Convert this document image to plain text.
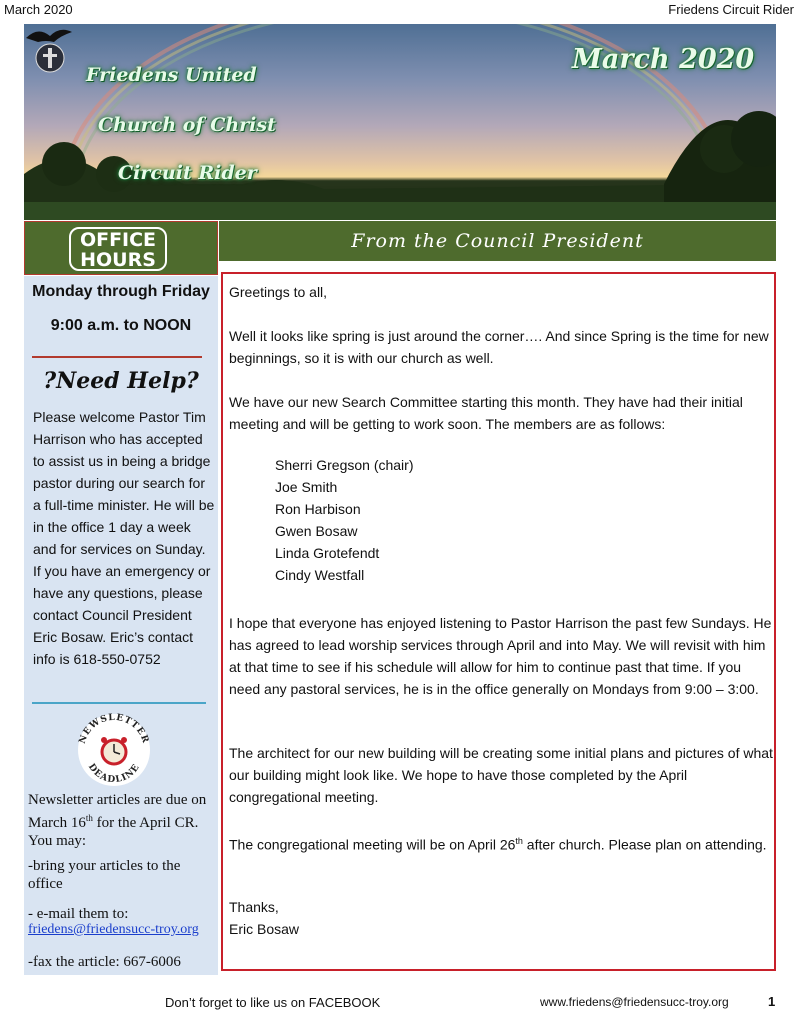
March 2020	Friedens Circuit Rider
Friedens United
Church of Christ
Circuit Rider
March 2020
OFFICE
HOURS
From the Council President
Monday through Friday
9:00 a.m. to NOON
?Need Help?
Please welcome Pastor Tim Harrison who has accepted to assist us in being a bridge pastor during our search for a full-time minister. He will be in the office 1 day a week and for services on Sunday. If you have an emergency or have any questions, please contact Council President Eric Bosaw. Eric’s contact info is 618-550-0752
NEWSLETTER
DEADLINE
Newsletter articles are due on March 16th for the April CR. You may:
-bring your articles to the office
- e-mail them to:
friedens@friedensucc-troy.org
-fax the article: 667-6006

Greetings to all,

Well it looks like spring is just around the corner…. And since Spring is the time for new beginnings, so it is with our church as well.

We have our new Search Committee starting this month. They have had their initial meeting and will be getting to work soon. The members are as follows:

Sherri Gregson (chair)
Joe Smith
Ron Harbison
Gwen Bosaw
Linda Grotefendt
Cindy Westfall

I hope that everyone has enjoyed listening to Pastor Harrison the past few Sundays. He has agreed to lead worship services through April and into May. We will revisit with him at that time to see if his schedule will allow for him to continue past that time. If you need any pastoral services, he is in the office generally on Mondays from 9:00 – 3:00.

The architect for our new building will be creating some initial plans and pictures of what our building might look like. We hope to have those completed by the April congregational meeting.

The congregational meeting will be on April 26th after church. Please plan on attending.

Thanks,

Eric Bosaw

Don’t forget to like us on FACEBOOK	www.friedens@friedensucc-troy.org	1
